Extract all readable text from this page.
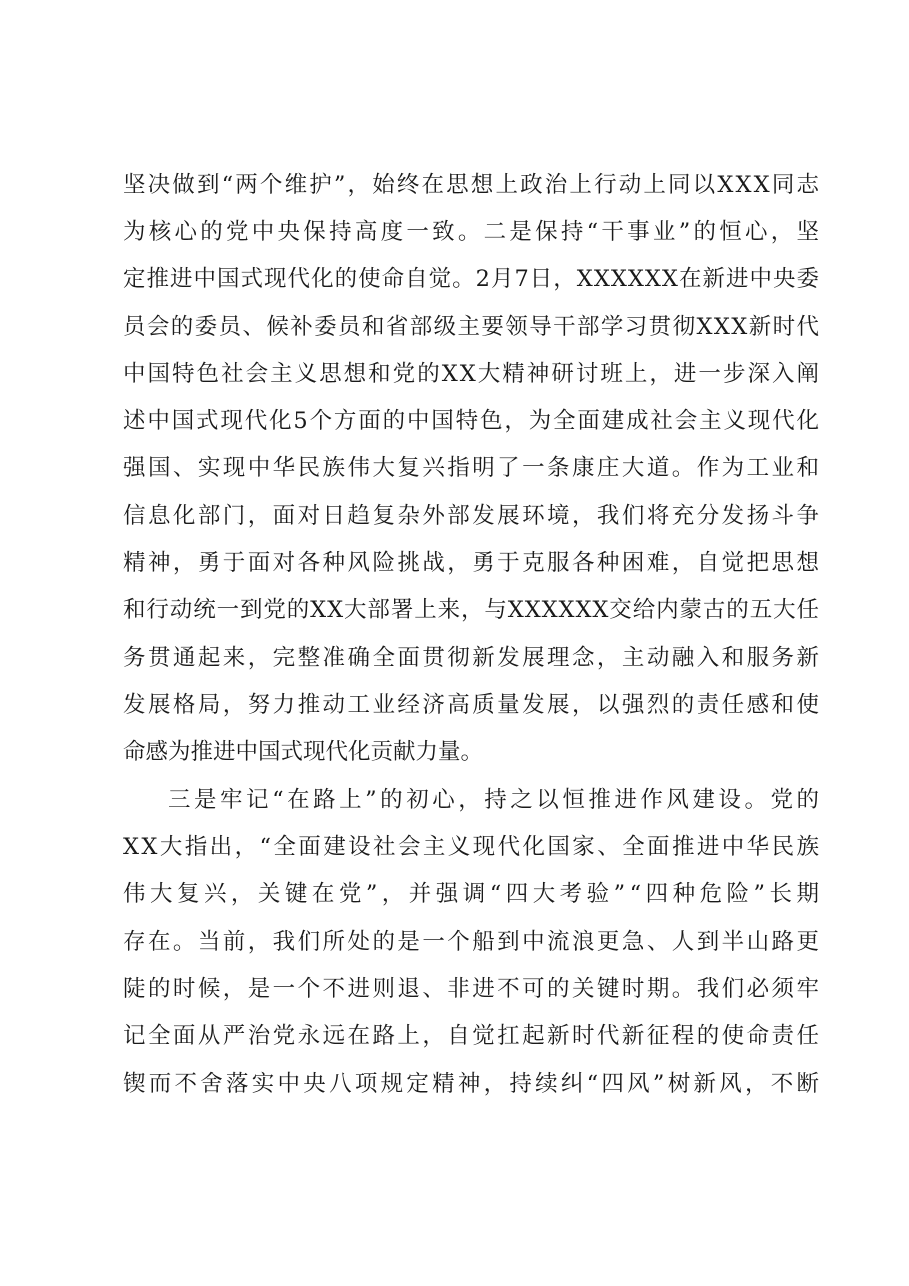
坚决做到“两个维护”，始终在思想上政治上行动上同以XXX同志
为核心的党中央保持高度一致。二是保持“干事业”的恒心，坚
定推进中国式现代化的使命自觉。2月7日，XXXXXX在新进中央委
员会的委员、候补委员和省部级主要领导干部学习贯彻XXX新时代
中国特色社会主义思想和党的XX大精神研讨班上，进一步深入阐
述中国式现代化5个方面的中国特色，为全面建成社会主义现代化
强国、实现中华民族伟大复兴指明了一条康庄大道。作为工业和
信息化部门，面对日趋复杂外部发展环境，我们将充分发扬斗争
精神，勇于面对各种风险挑战，勇于克服各种困难，自觉把思想
和行动统一到党的XX大部署上来，与XXXXXX交给内蒙古的五大任
务贯通起来，完整准确全面贯彻新发展理念，主动融入和服务新
发展格局，努力推动工业经济高质量发展，以强烈的责任感和使
命感为推进中国式现代化贡献力量。
三是牢记“在路上”的初心，持之以恒推进作风建设。党的
XX大指出，“全面建设社会主义现代化国家、全面推进中华民族
伟大复兴，关键在党”，并强调“四大考验”“四种危险”长期
存在。当前，我们所处的是一个船到中流浪更急、人到半山路更
陡的时候，是一个不进则退、非进不可的关键时期。我们必须牢
记全面从严治党永远在路上，自觉扛起新时代新征程的使命责任
锲而不舍落实中央八项规定精神，持续纠“四风”树新风，不断
